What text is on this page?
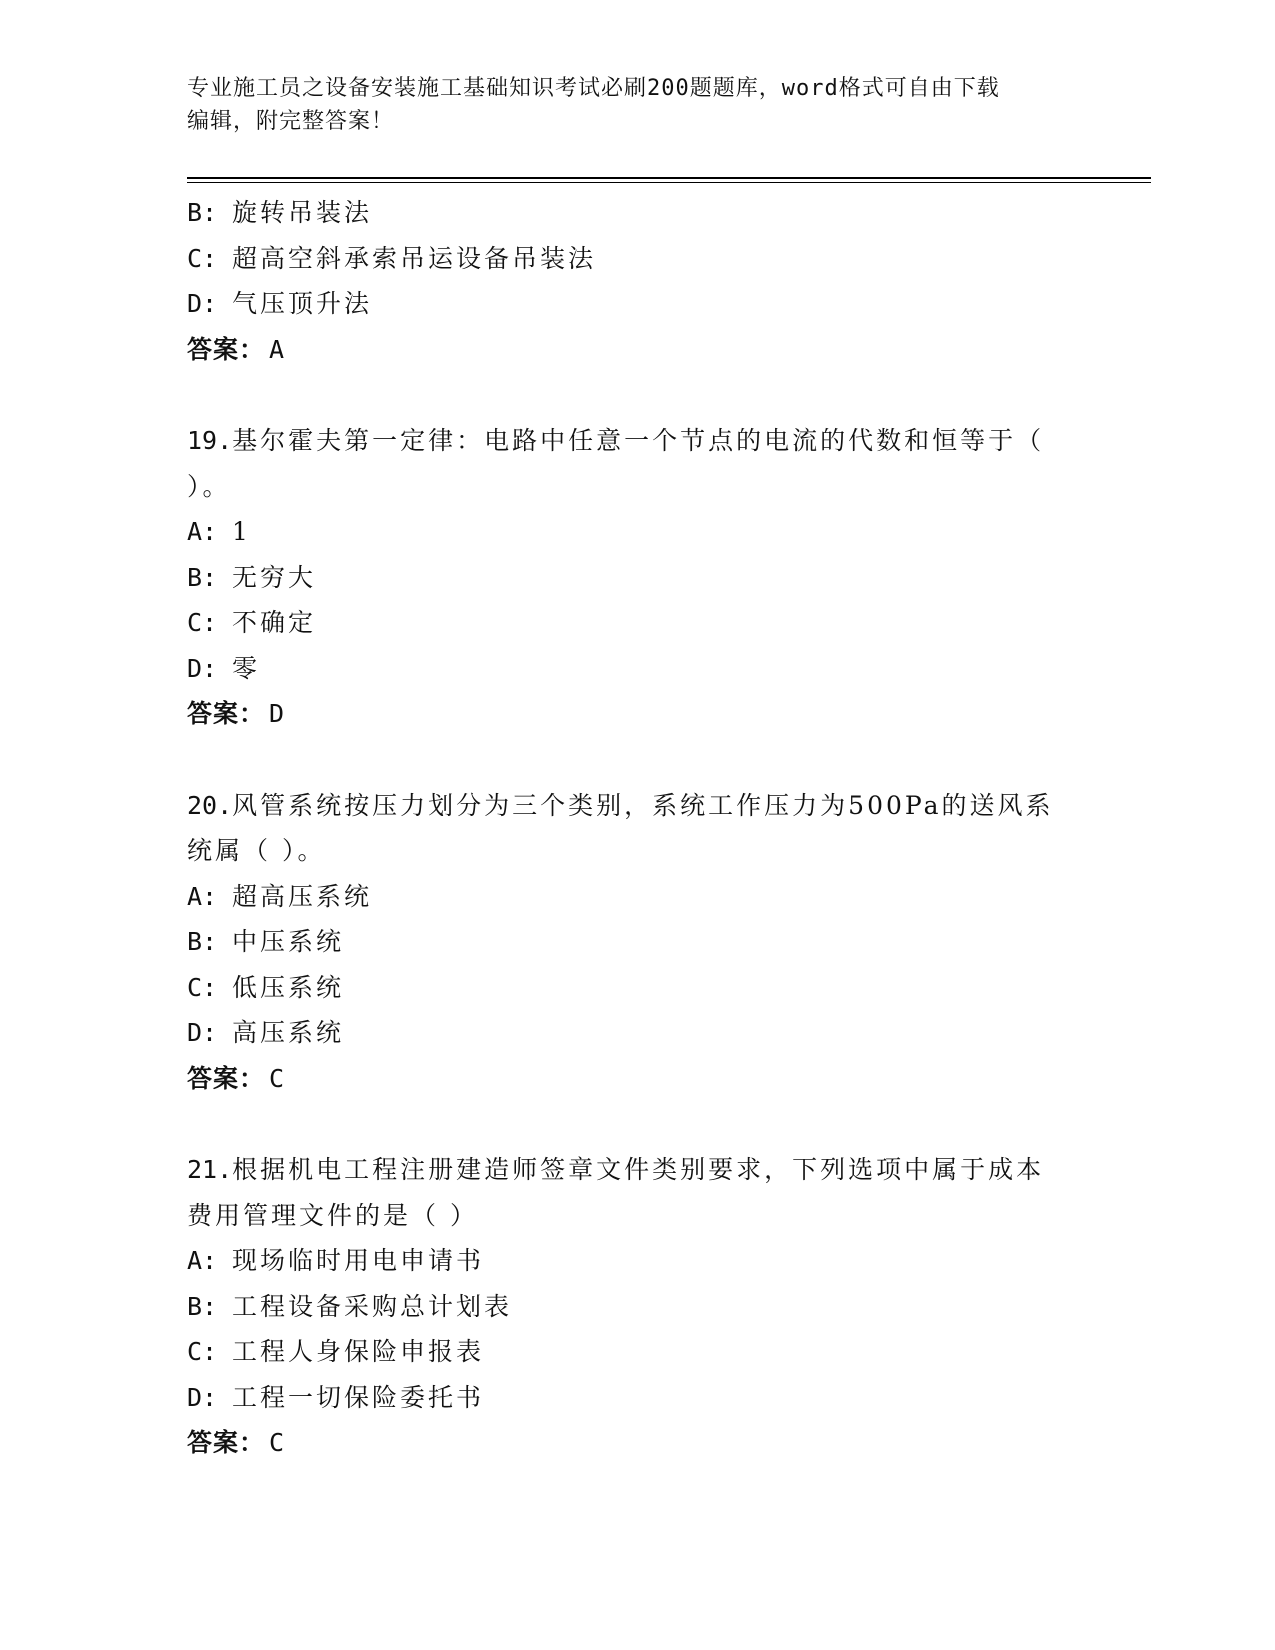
专业施工员之设备安装施工基础知识考试必刷200题题库，word格式可自由下载
编辑，附完整答案！
B: 旋转吊装法
C: 超高空斜承索吊运设备吊装法
D: 气压顶升法
答案： A
19.基尔霍夫第一定律：电路中任意一个节点的电流的代数和恒等于（
）。
A: 1
B: 无穷大
C: 不确定
D: 零
答案： D
20.风管系统按压力划分为三个类别，系统工作压力为500Pa的送风系
统属（ ）。
A: 超高压系统
B: 中压系统
C: 低压系统
D: 高压系统
答案： C
21.根据机电工程注册建造师签章文件类别要求，下列选项中属于成本
费用管理文件的是（ ）
A: 现场临时用电申请书
B: 工程设备采购总计划表
C: 工程人身保险申报表
D: 工程一切保险委托书
答案： C
